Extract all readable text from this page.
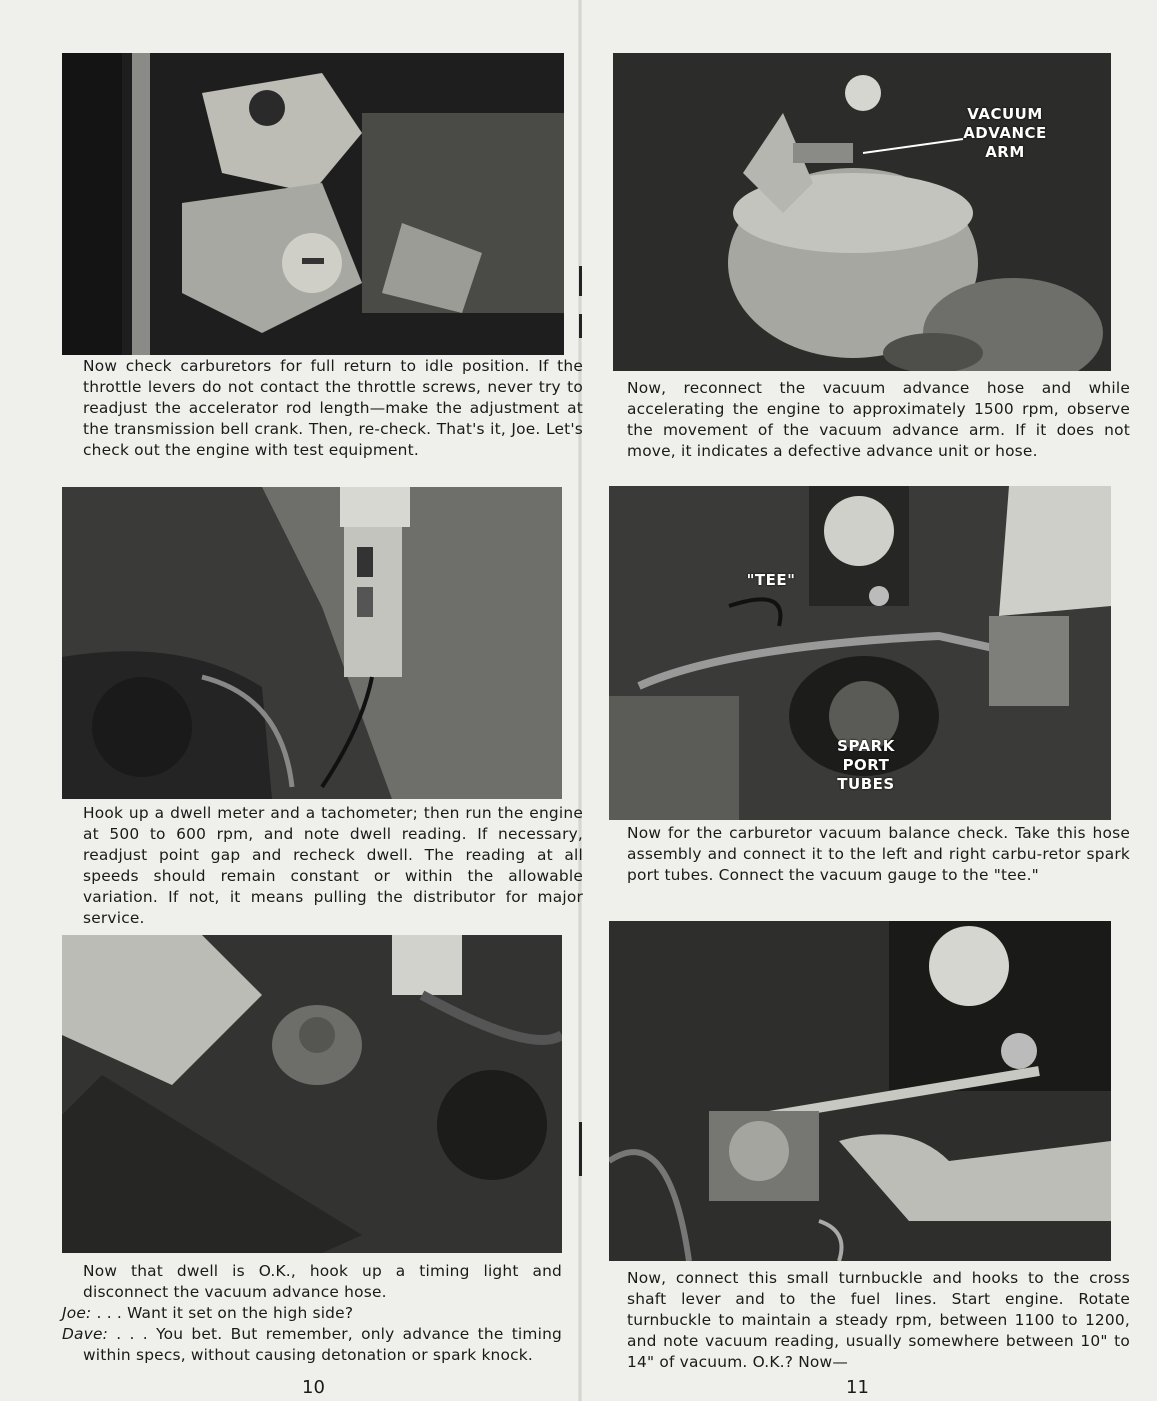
Now check carburetors for full return to idle position. If the throttle levers do not contact the throttle screws, never try to readjust the accelerator rod length—make the adjustment at the transmission bell crank. Then, re-check. That's it, Joe. Let's check out the engine with test equipment.

Hook up a dwell meter and a tachometer; then run the engine at 500 to 600 rpm, and note dwell reading. If necessary, readjust point gap and recheck dwell. The reading at all speeds should remain constant or within the allowable variation. If not, it means pulling the distributor for major service.

Now that dwell is O.K., hook up a timing light and disconnect the vacuum advance hose.

Joe: . . . Want it set on the high side?

Dave: . . . You bet. But remember, only advance the timing within specs, without causing detonation or spark knock.

10
VACUUM
ADVANCE
ARM

Now, reconnect the vacuum advance hose and while accelerating the engine to approximately 1500 rpm, observe the movement of the vacuum advance arm. If it does not move, it indicates a defective advance unit or hose.

"TEE"
SPARK
PORT
TUBES

Now for the carburetor vacuum balance check. Take this hose assembly and connect it to the left and right carbu-retor spark port tubes. Connect the vacuum gauge to the "tee."

Now, connect this small turnbuckle and hooks to the cross shaft lever and to the fuel lines. Start engine. Rotate turnbuckle to maintain a steady rpm, between 1100 to 1200, and note vacuum reading, usually somewhere between 10" to 14" of vacuum. O.K.? Now—

11
